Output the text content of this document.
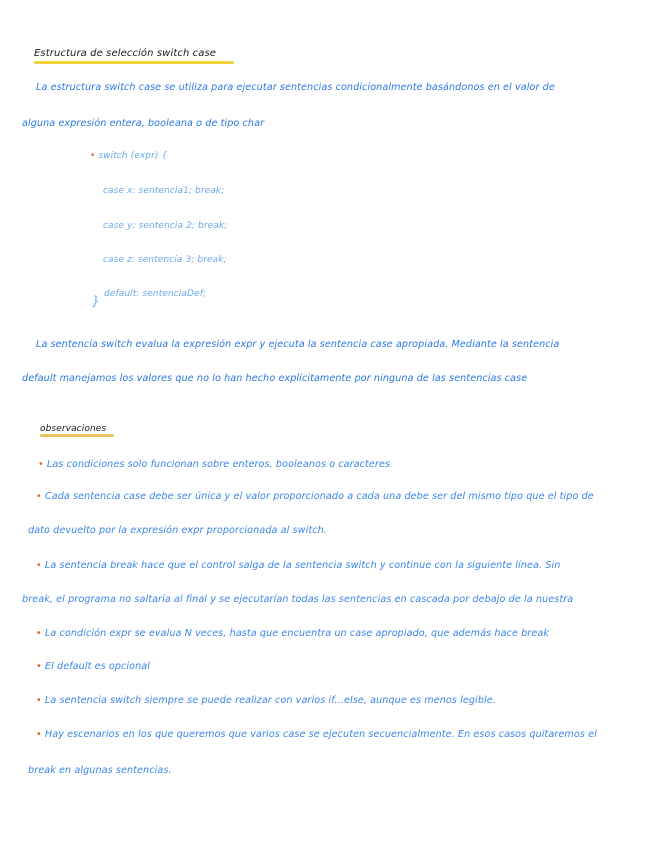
Estructura de selección switch case
La estructura switch case se utiliza para ejecutar sentencias condicionalmente basándonos en el valor de
alguna expresión entera, booleana o de tipo char
• switch (expr) {
case x: sentencia1; break;
case y: sentencia 2; break;
case z: sentencia 3; break;
default: sentenciaDef;
}
La sentencia switch evalua la expresión expr y ejecuta la sentencia case apropiada. Mediante la sentencia
default manejamos los valores que no lo han hecho explícitamente por ninguna de las sentencias case
observaciones
• Las condiciones solo funcionan sobre enteros, booleanos o caracteres
• Cada sentencia case debe ser única y el valor proporcionado a cada una debe ser del mismo tipo que el tipo de
dato devuelto por la expresión expr proporcionada al switch.
• La sentencia break hace que el control salga de la sentencia switch y continue con la siguiente línea. Sin
break, el programa no saltaría al final y se ejecutarían todas las sentencias en cascada por debajo de la nuestra
• La condición expr se evalua N veces, hasta que encuentra un case apropiado, que además hace break
• El default es opcional
• La sentencia switch siempre se puede realizar con varios if...else, aunque es menos legible.
• Hay escenarios en los que queremos que varios case se ejecuten secuencialmente. En esos casos quitaremos el
break en algunas sentencias.
